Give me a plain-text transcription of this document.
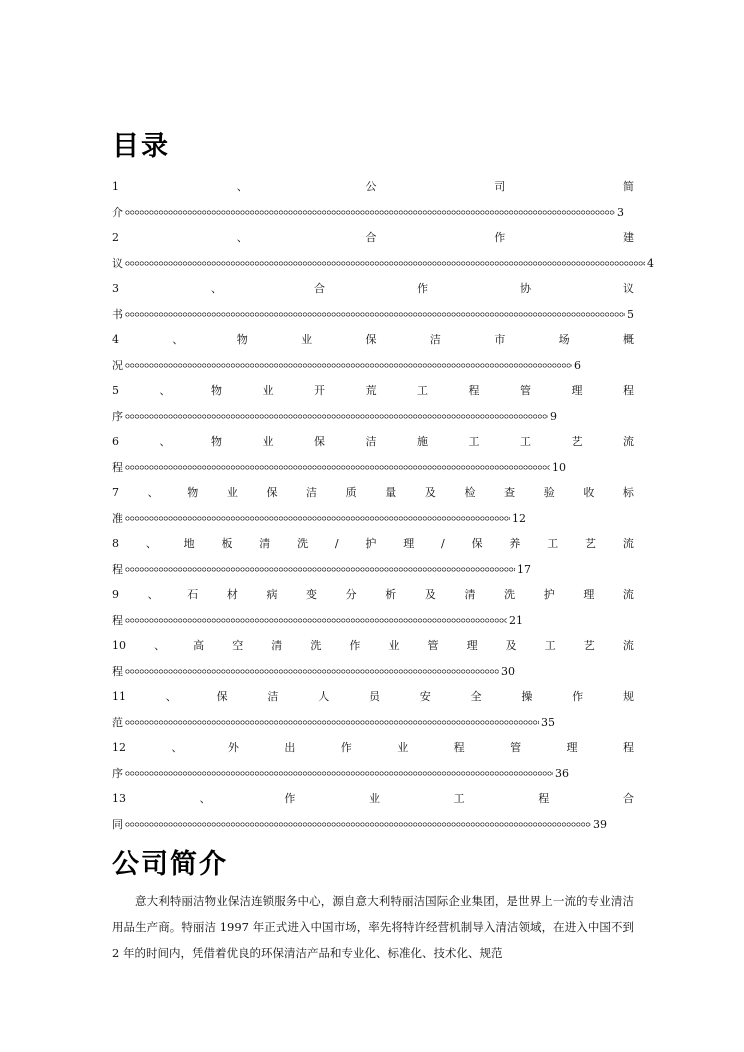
目录
1	、	公	司	简
介	3
2	、	合	作	建
议	4
3	、	合	作	协	议
书	5
4	、	物	业	保	洁	市	场	概
况	6
5	、	物	业	开	荒	工	程	管	理	程
序	9
6	、	物	业	保	洁	施	工	工	艺	流
程	10
7	、	物	业	保	洁	质	量	及	检	查	验	收	标
准	12
8 、 地 板 清 洗 / 护 理 / 保 养 工 艺 流
程	17
9	、	石	材	病	变	分	析	及	清	洗	护	理	流
程	21
10	、	高	空	清	洗	作	业	管	理	及	工	艺	流
程	30
11	、	保	洁	人	员	安	全	操	作	规
范	35
12	、	外	出	作	业	程	管	理	程
序	36
13	、	作	业	工	程	合
同	39
公司简介

意大利特丽洁物业保洁连锁服务中心，源自意大利特丽洁国际企业集团，是世界上一流的专业清洁用品生产商。特丽洁 1997 年正式进入中国市场，率先将特许经营机制导入清洁领域，在进入中国不到 2 年的时间内，凭借着优良的环保清洁产品和专业化、标准化、技术化、规范
